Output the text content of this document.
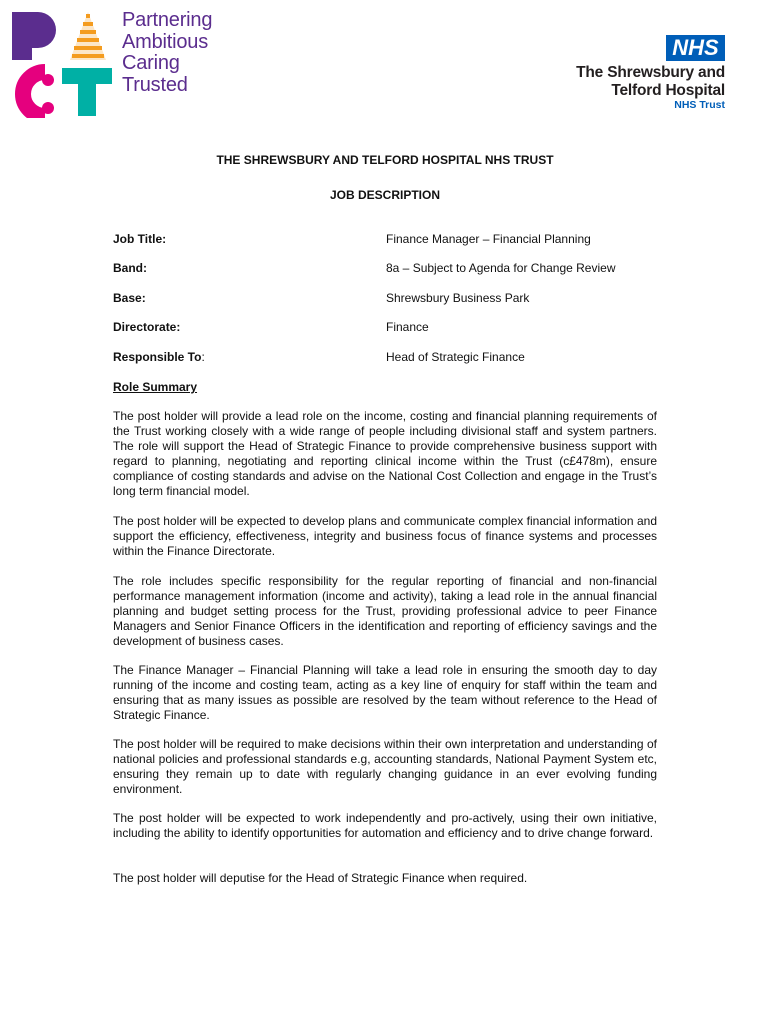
Partnering
Ambitious
Caring
Trusted
NHS
The Shrewsbury and
Telford Hospital
NHS Trust
THE SHREWSBURY AND TELFORD HOSPITAL NHS TRUST
JOB DESCRIPTION
Job Title:	Finance Manager – Financial Planning
Band:	8a – Subject to Agenda for Change Review
Base:	Shrewsbury Business Park
Directorate:	Finance
Responsible To:	Head of Strategic Finance
Role Summary
The post holder will provide a lead role on the income, costing and financial planning requirements of the Trust working closely with a wide range of people including divisional staff and system partners. The role will support the Head of Strategic Finance to provide comprehensive business support with regard to planning, negotiating and reporting clinical income within the Trust (c£478m), ensure compliance of costing standards and advise on the National Cost Collection and engage in the Trust’s long term financial model.
The post holder will be expected to develop plans and communicate complex financial information and support the efficiency, effectiveness, integrity and business focus of finance systems and processes within the Finance Directorate.
The role includes specific responsibility for the regular reporting of financial and non-financial performance management information (income and activity), taking a lead role in the annual financial planning and budget setting process for the Trust, providing professional advice to peer Finance Managers and Senior Finance Officers in the identification and reporting of efficiency savings and the development of business cases.
The Finance Manager – Financial Planning will take a lead role in ensuring the smooth day to day running of the income and costing team, acting as a key line of enquiry for staff within the team and ensuring that as many issues as possible are resolved by the team without reference to the Head of Strategic Finance.
The post holder will be required to make decisions within their own interpretation and understanding of national policies and professional standards e.g, accounting standards, National Payment System etc, ensuring they remain up to date with regularly changing guidance in an ever evolving funding environment.
The post holder will be expected to work independently and pro-actively, using their own initiative, including the ability to identify opportunities for automation and efficiency and to drive change forward.
The post holder will deputise for the Head of Strategic Finance when required.
